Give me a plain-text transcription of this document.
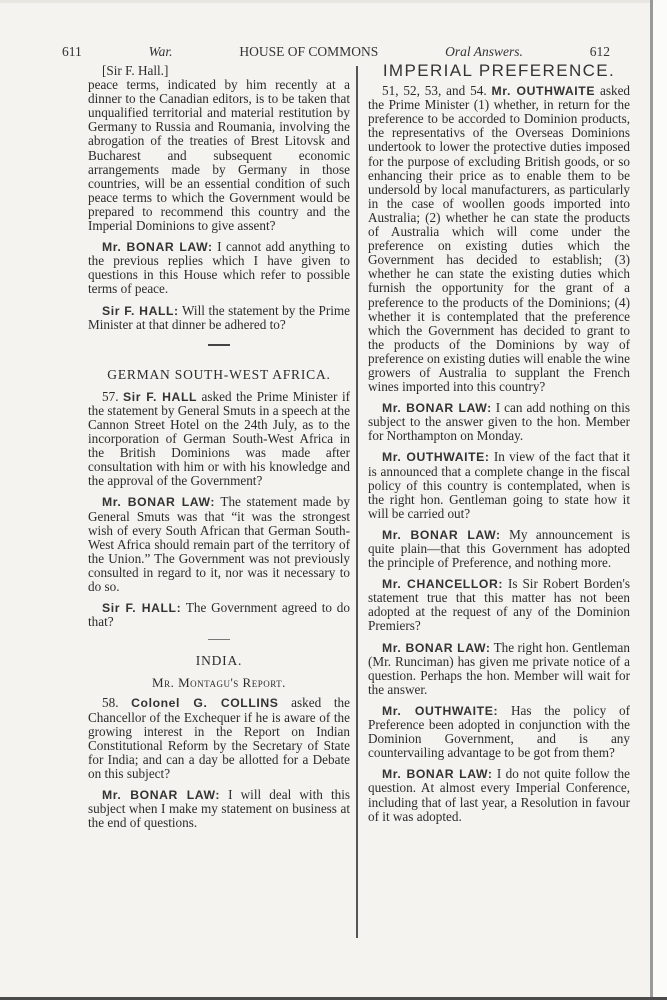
611	War.	HOUSE OF COMMONS	Oral Answers.	612

[Sir F. Hall.]

peace terms, indicated by him recently at a dinner to the Canadian editors, is to be taken that unqualified territorial and material restitution by Germany to Russia and Roumania, involving the abrogation of the treaties of Brest Litovsk and Bucharest and subsequent economic arrangements made by Germany in those countries, will be an essential condition of such peace terms to which the Government would be prepared to recommend this country and the Imperial Dominions to give assent?

Mr. BONAR LAW: I cannot add anything to the previous replies which I have given to questions in this House which refer to possible terms of peace.

Sir F. HALL: Will the statement by the Prime Minister at that dinner be adhered to?

GERMAN SOUTH-WEST AFRICA.

57. Sir F. HALL asked the Prime Minister if the statement by General Smuts in a speech at the Cannon Street Hotel on the 24th July, as to the incorporation of German South-West Africa in the British Dominions was made after consultation with him or with his knowledge and the approval of the Government?

Mr. BONAR LAW: The statement made by General Smuts was that “it was the strongest wish of every South African that German South-West Africa should remain part of the territory of the Union.” The Government was not previously consulted in regard to it, nor was it necessary to do so.

Sir F. HALL: The Government agreed to do that?

INDIA.

Mr. Montagu's Report.

58. Colonel G. COLLINS asked the Chancellor of the Exchequer if he is aware of the growing interest in the Report on Indian Constitutional Reform by the Secretary of State for India; and can a day be allotted for a Debate on this subject?

Mr. BONAR LAW: I will deal with this subject when I make my statement on business at the end of questions.

IMPERIAL PREFERENCE.

51, 52, 53, and 54. Mr. OUTHWAITE asked the Prime Minister (1) whether, in return for the preference to be accorded to Dominion products, the representativs of the Overseas Dominions undertook to lower the protective duties imposed for the purpose of excluding British goods, or so enhancing their price as to enable them to be undersold by local manufacturers, as particularly in the case of woollen goods imported into Australia; (2) whether he can state the products of Australia which will come under the preference on existing duties which the Government has decided to establish; (3) whether he can state the existing duties which furnish the opportunity for the grant of a preference to the products of the Dominions; (4) whether it is contemplated that the preference which the Government has decided to grant to the products of the Dominions by way of preference on existing duties will enable the wine growers of Australia to supplant the French wines imported into this country?

Mr. BONAR LAW: I can add nothing on this subject to the answer given to the hon. Member for Northampton on Monday.

Mr. OUTHWAITE: In view of the fact that it is announced that a complete change in the fiscal policy of this country is contemplated, when is the right hon. Gentleman going to state how it will be carried out?

Mr. BONAR LAW: My announcement is quite plain—that this Government has adopted the principle of Preference, and nothing more.

Mr. CHANCELLOR: Is Sir Robert Borden's statement true that this matter has not been adopted at the request of any of the Dominion Premiers?

Mr. BONAR LAW: The right hon. Gentleman (Mr. Runciman) has given me private notice of a question. Perhaps the hon. Member will wait for the answer.

Mr. OUTHWAITE: Has the policy of Preference been adopted in conjunction with the Dominion Government, and is any countervailing advantage to be got from them?

Mr. BONAR LAW: I do not quite follow the question. At almost every Imperial Conference, including that of last year, a Resolution in favour of it was adopted.
